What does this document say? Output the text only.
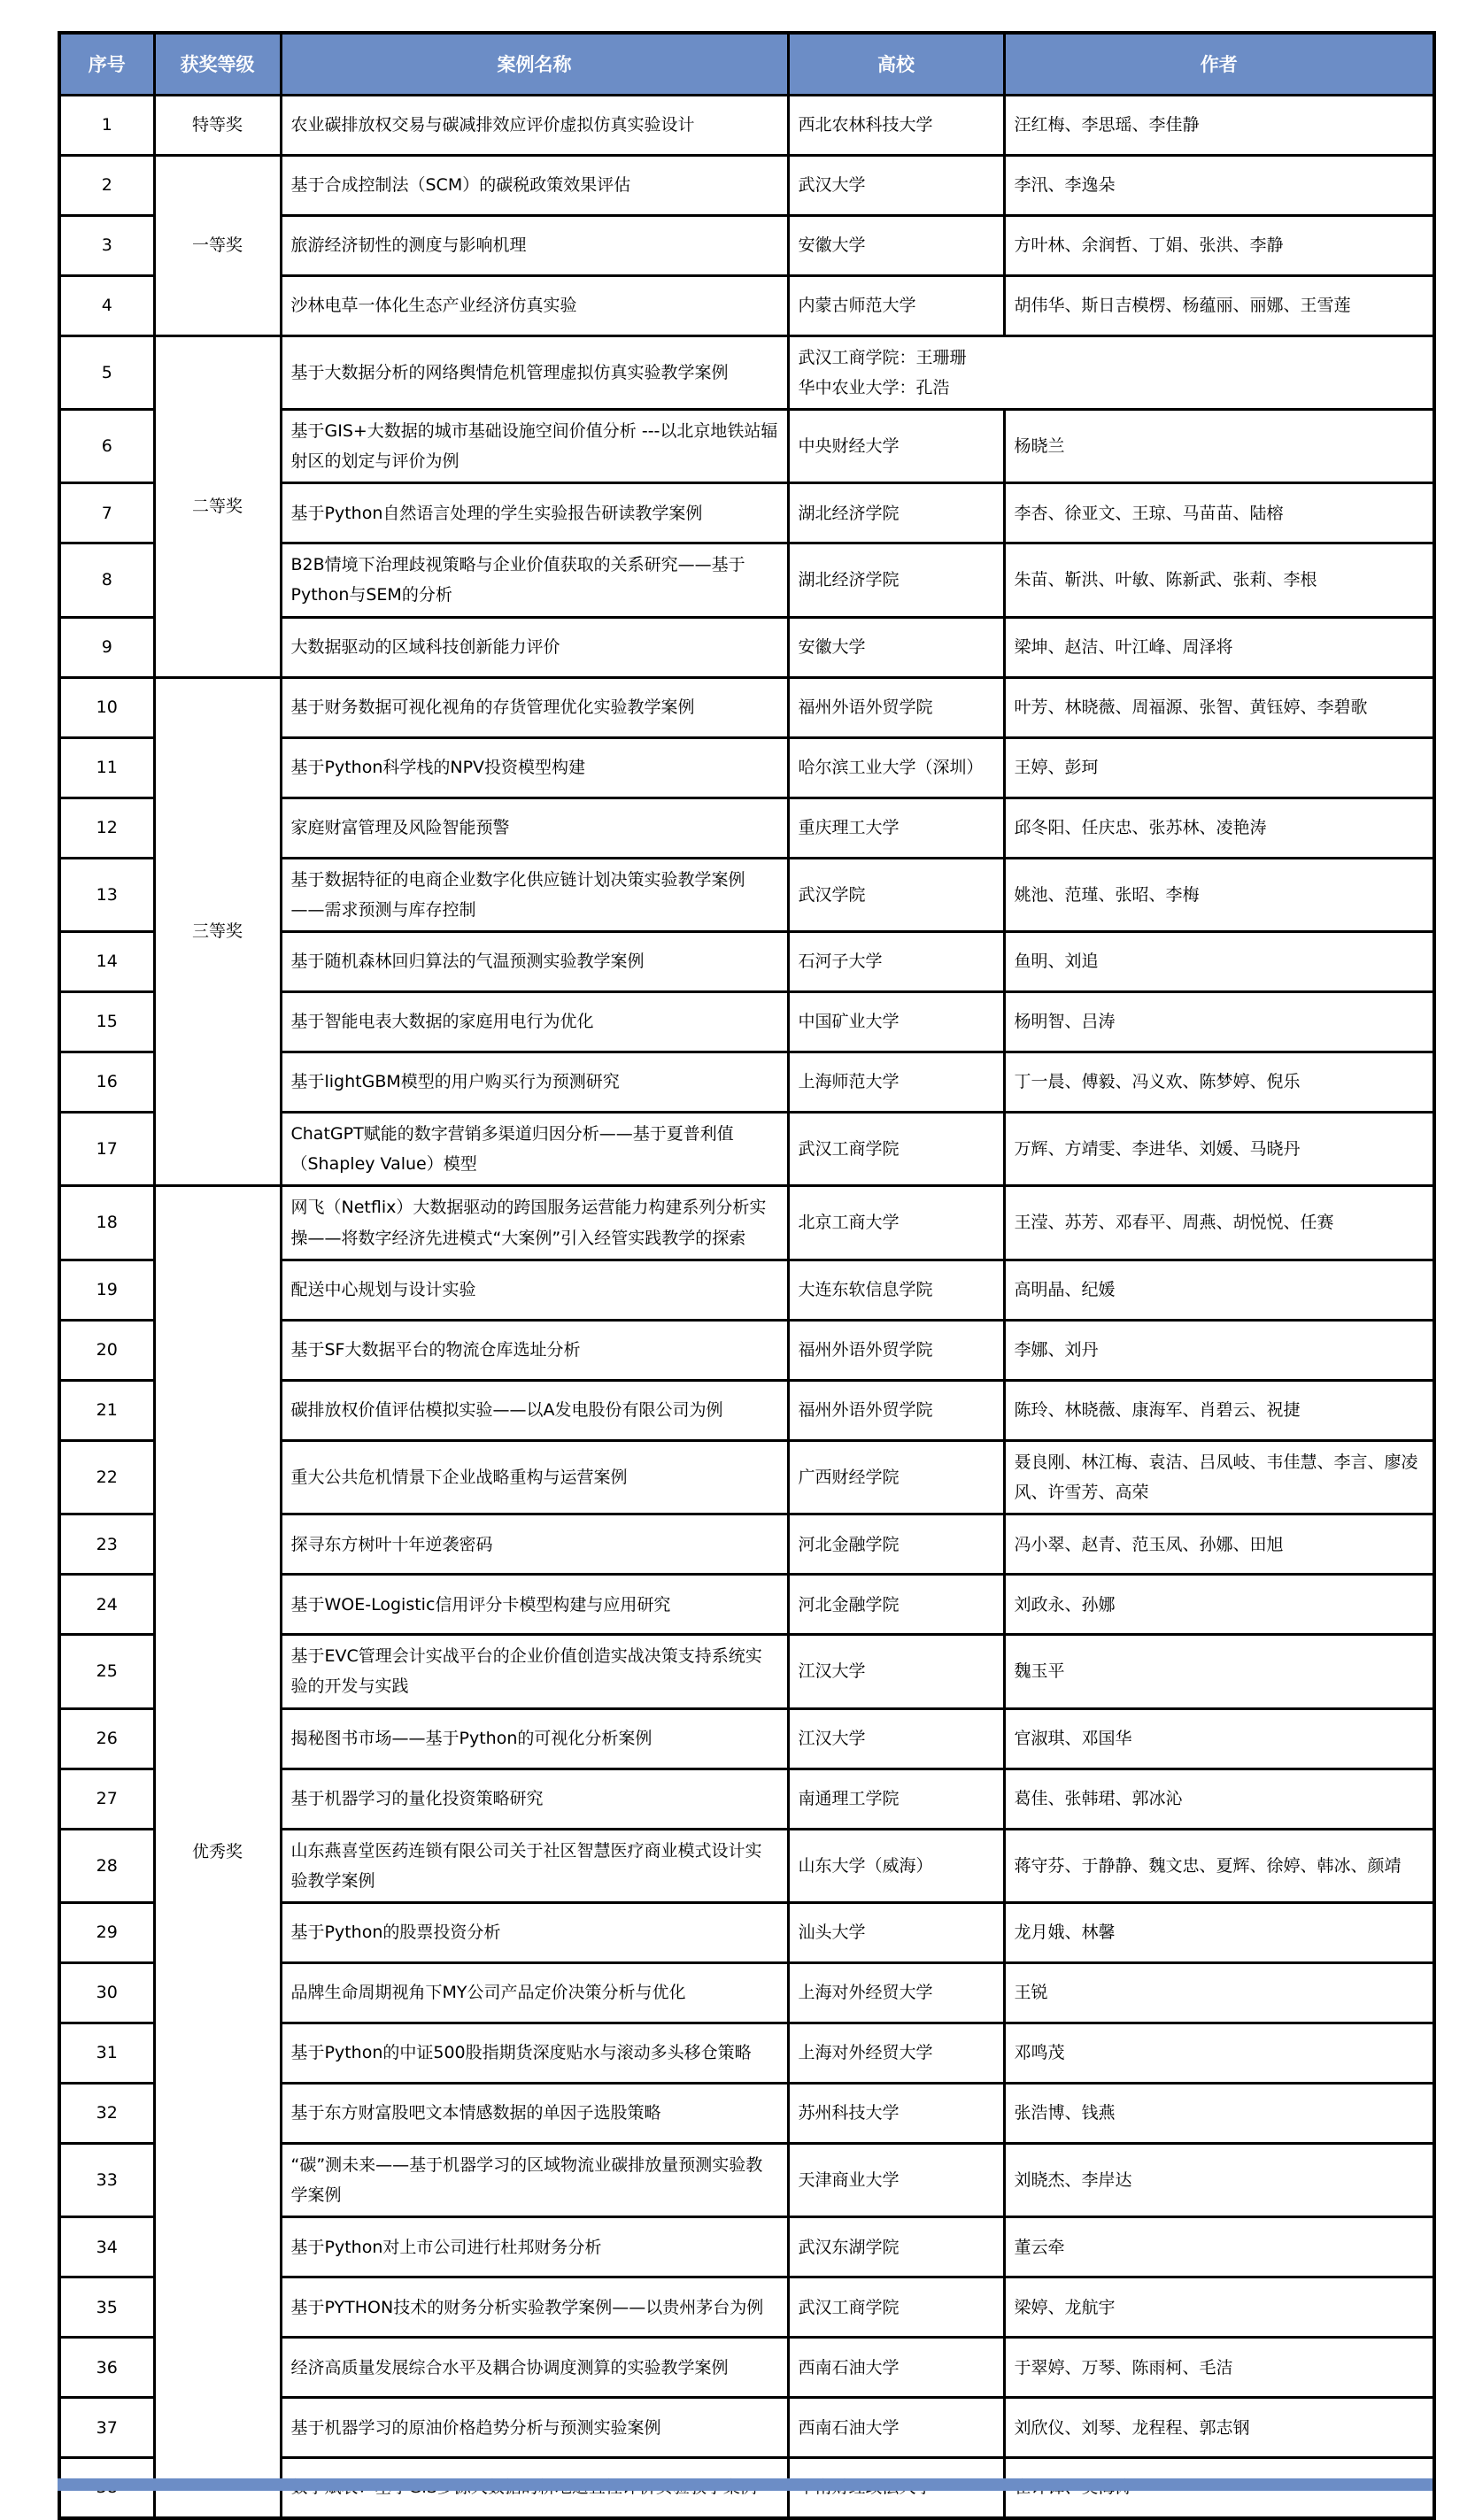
序号	获奖等级	案例名称	高校	作者
1	特等奖	农业碳排放权交易与碳减排效应评价虚拟仿真实验设计	西北农林科技大学	汪红梅、李思瑶、李佳静
2	一等奖	基于合成控制法（SCM）的碳税政策效果评估	武汉大学	李汛、李逸朵
3		旅游经济韧性的测度与影响机理	安徽大学	方叶林、余润哲、丁娟、张洪、李静
4		沙林电草一体化生态产业经济仿真实验	内蒙古师范大学	胡伟华、斯日吉模楞、杨蕴丽、丽娜、王雪莲
5	二等奖	基于大数据分析的网络舆情危机管理虚拟仿真实验教学案例	武汉工商学院：王珊珊
华中农业大学：孔浩	

6		基于GIS+大数据的城市基础设施空间价值分析 ---以北京地铁站辐射区的划定与评价为例	中央财经大学	杨晓兰
7		基于Python自然语言处理的学生实验报告研读教学案例	湖北经济学院	李杏、徐亚文、王琼、马苗苗、陆榕
8		B2B情境下治理歧视策略与企业价值获取的关系研究——基于Python与SEM的分析	湖北经济学院	朱苗、靳洪、叶敏、陈新武、张莉、李根
9		大数据驱动的区域科技创新能力评价	安徽大学	梁坤、赵洁、叶江峰、周泽将
10	三等奖	基于财务数据可视化视角的存货管理优化实验教学案例	福州外语外贸学院	叶芳、林晓薇、周福源、张智、黄钰婷、李碧歌
11		基于Python科学栈的NPV投资模型构建	哈尔滨工业大学（深圳）	王婷、彭珂
12		家庭财富管理及风险智能预警	重庆理工大学	邱冬阳、任庆忠、张苏林、凌艳涛
13		基于数据特征的电商企业数字化供应链计划决策实验教学案例——需求预测与库存控制	武汉学院	姚池、范瑾、张昭、李梅
14		基于随机森林回归算法的气温预测实验教学案例	石河子大学	鱼明、刘追
15		基于智能电表大数据的家庭用电行为优化	中国矿业大学	杨明智、吕涛
16		基于lightGBM模型的用户购买行为预测研究	上海师范大学	丁一晨、傅毅、冯义欢、陈梦婷、倪乐
17		ChatGPT赋能的数字营销多渠道归因分析——基于夏普利值（Shapley Value）模型	武汉工商学院	万辉、方靖雯、李进华、刘媛、马晓丹
18	优秀奖	网飞（Netflix）大数据驱动的跨国服务运营能力构建系列分析实操——将数字经济先进模式“大案例”引入经管实践教学的探索	北京工商大学	王滢、苏芳、邓春平、周燕、胡悦悦、任赛
19		配送中心规划与设计实验	大连东软信息学院	高明晶、纪媛
20		基于SF大数据平台的物流仓库选址分析	福州外语外贸学院	李娜、刘丹
21		碳排放权价值评估模拟实验——以A发电股份有限公司为例	福州外语外贸学院	陈玲、林晓薇、康海军、肖碧云、祝捷
22		重大公共危机情景下企业战略重构与运营案例	广西财经学院	聂良刚、林江梅、袁洁、吕凤岐、韦佳慧、李言、廖凌风、许雪芳、高荣
23		探寻东方树叶十年逆袭密码	河北金融学院	冯小翠、赵青、范玉凤、孙娜、田旭
24		基于WOE-Logistic信用评分卡模型构建与应用研究	河北金融学院	刘政永、孙娜
25		基于EVC管理会计实战平台的企业价值创造实战决策支持系统实验的开发与实践	江汉大学	魏玉平
26		揭秘图书市场——基于Python的可视化分析案例	江汉大学	官淑琪、邓国华
27		基于机器学习的量化投资策略研究	南通理工学院	葛佳、张韩珺、郭冰沁
28		山东燕喜堂医药连锁有限公司关于社区智慧医疗商业模式设计实验教学案例	山东大学（威海）	蒋守芬、于静静、魏文忠、夏辉、徐婷、韩冰、颜靖
29		基于Python的股票投资分析	汕头大学	龙月娥、林馨
30		品牌生命周期视角下MY公司产品定价决策分析与优化	上海对外经贸大学	王锐
31		基于Python的中证500股指期货深度贴水与滚动多头移仓策略	上海对外经贸大学	邓鸣茂
32		基于东方财富股吧文本情感数据的单因子选股策略	苏州科技大学	张浩博、钱燕
33		“碳”测未来——基于机器学习的区域物流业碳排放量预测实验教学案例	天津商业大学	刘晓杰、李岸达
34		基于Python对上市公司进行杜邦财务分析	武汉东湖学院	董云牵
35		基于PYTHON技术的财务分析实验教学案例——以贵州茅台为例	武汉工商学院	梁婷、龙航宇
36		经济高质量发展综合水平及耦合协调度测算的实验教学案例	西南石油大学	于翠婷、万琴、陈雨柯、毛洁
37		基于机器学习的原油价格趋势分析与预测实验案例	西南石油大学	刘欣仪、刘琴、龙程程、郭志钢
